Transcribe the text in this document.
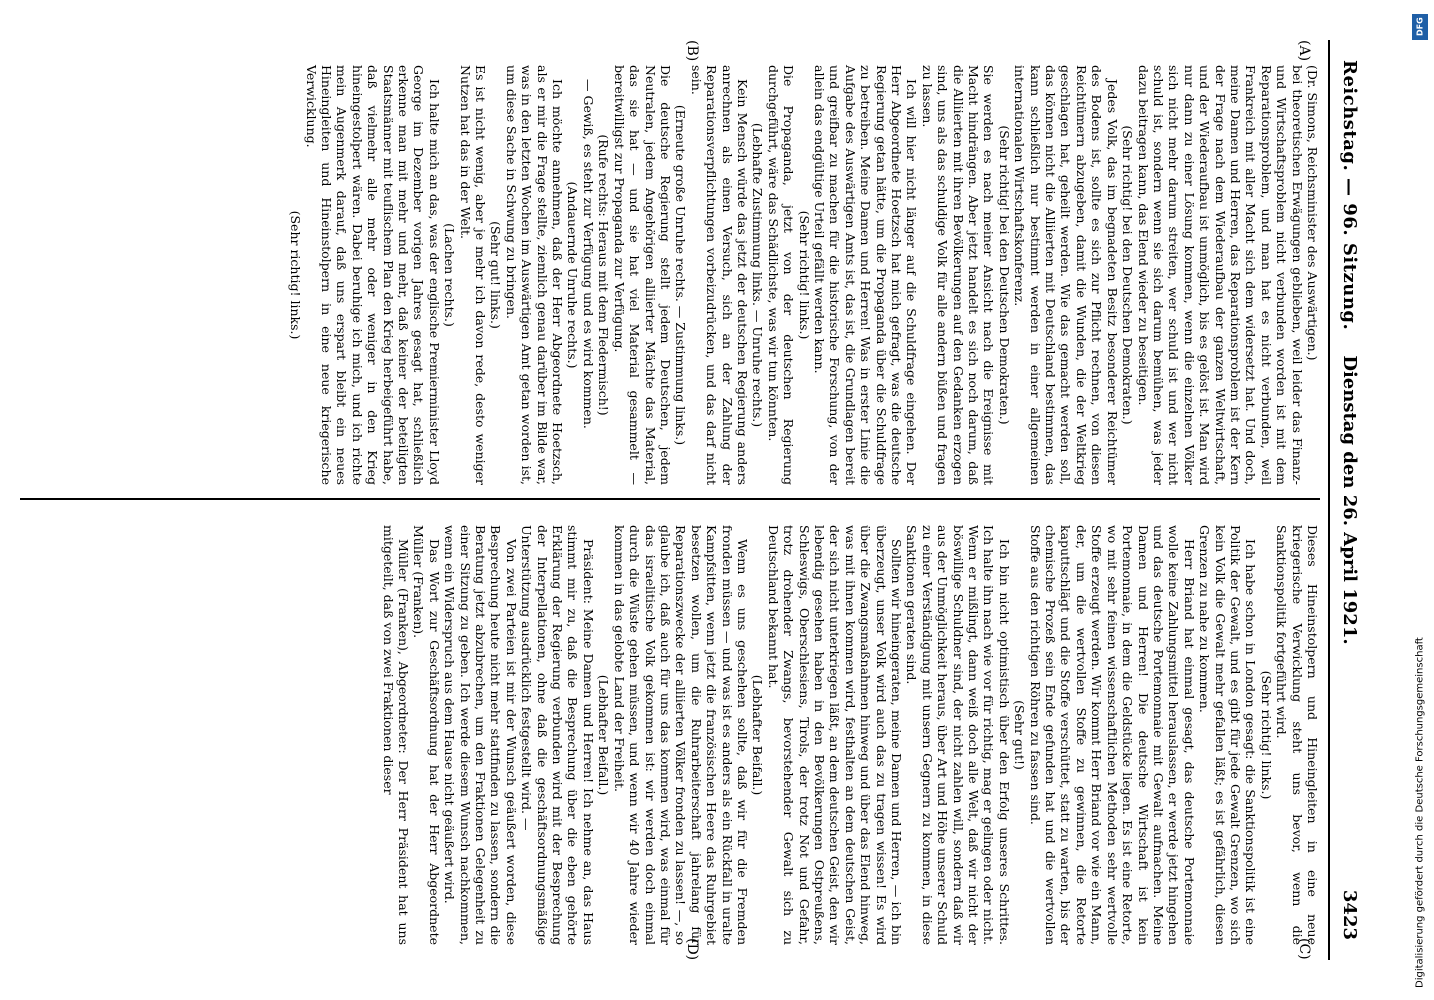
Reichstag. — 96. Sitzung.
Dienstag den 26. April 1921.
3423
(A)
(B)
(C)
(D)

(Dr. Simons, Reichsminister des Auswärtigen.)

bei theoretischen Erwägungen geblieben, weil leider das Finanz- und Wirtschaftsproblem nicht verbunden worden ist mit dem Reparationsproblem, und man hat es nicht verbunden, weil Frankreich mit aller Macht sich dem widersetzt hat. Und doch, meine Damen und Herren, das Reparationsproblem ist der Kern der Frage nach dem Wiederaufbau der ganzen Weltwirtschaft, und der Wiederaufbau ist unmöglich, bis es gelöst ist. Man wird nur dann zu einer Lösung kommen, wenn die einzelnen Völker sich nicht mehr darum streiten, wer schuld ist und wer nicht schuld ist, sondern wenn sie sich darum bemühen, was jeder dazu beitragen kann, das Elend wieder zu beseitigen.

(Sehr richtig! bei den Deutschen Demokraten.)

Jedes Volk, das im begnadeten Besitz besonderer Reichtümer des Bodens ist, sollte es sich zur Pflicht rechnen, von diesen Reichtümern abzugeben, damit die Wunden, die der Weltkrieg geschlagen hat, geheilt werden. Wie das gemacht werden soll, das können nicht die Alliierten mit Deutschland bestimmen, das kann schließlich nur bestimmt werden in einer allgemeinen internationalen Wirtschaftskonferenz.

(Sehr richtig! bei den Deutschen Demokraten.)

Sie werden es nach meiner Ansicht nach die Ereignisse mit Macht hindrängen. Aber jetzt handelt es sich noch darum, daß die Alliierten mit ihren Bevölkerungen auf den Gedanken erzogen sind, uns als das schuldige Volk für alle andern büßen und fragen zu lassen.

Ich will hier nicht länger auf die Schuldfrage eingehen. Der Herr Abgeordnete Hoetzsch hat mich gefragt, was die deutsche Regierung getan hätte, um die Propaganda über die Schuldfrage zu betreiben. Meine Damen und Herren! Was in erster Linie die Aufgabe des Auswärtigen Amts ist, das ist, die Grundlagen bereit und greifbar zu machen für die historische Forschung, von der allein das endgültige Urteil gefällt werden kann.

(Sehr richtig! links.)

Die Propaganda, jetzt von der deutschen Regierung durchgeführt, wäre das Schädlichste, was wir tun könnten.

(Lebhafte Zustimmung links. — Unruhe rechts.)

Kein Mensch würde das jetzt der deutschen Regierung anders anrechnen als einen Versuch, sich an der Zahlung der Reparationsverpflichtungen vorbeizudrücken, und das darf nicht sein.

(Erneute große Unruhe rechts. — Zustimmung links.)

Die deutsche Regierung stellt jedem Deutschen, jedem Neutralen, jedem Angehörigen alliierter Mächte das Material, das sie hat — und sie hat viel Material gesammelt — bereitwilligst zur Propaganda zur Verfügung.

(Rufe rechts: Heraus mit dem Fledermisch!)

— Gewiß, es steht zur Verfügung und es wird kommen.

(Andauernde Unruhe rechts.)

Ich möchte annehmen, daß der Herr Abgeordnete Hoetzsch, als er mir die Frage stellte, ziemlich genau darüber im Bilde war, was in den letzten Wochen im Auswärtigen Amt getan worden ist, um diese Sache in Schwung zu bringen.

(Sehr gut! links.)

Es ist nicht wenig, aber je mehr ich davon rede, desto weniger Nutzen hat das in der Welt.

(Lachen rechts.)

Ich halte mich an das, was der englische Premierminister Lloyd George im Dezember vorigen Jahres gesagt hat, schließlich erkenne man mit mehr und mehr, daß keiner der beteiligten Staatsmänner mit teuflischem Plan den Krieg herbeigeführt habe, daß vielmehr alle mehr oder weniger in den Krieg hineingestolpert wären. Dabei beruhige ich mich, und ich richte mein Augenmerk darauf, daß uns erspart bleibt ein neues Hineingleiten und Hineinstolpern in eine neue kriegerische Verwicklung.

(Sehr richtig! links.)

Dieses Hineinstolpern und Hineingleiten in eine neue kriegerische Verwicklung steht uns bevor, wenn die Sanktionspolitik fortgeführt wird.

(Sehr richtig! links.)

Ich habe schon in London gesagt: die Sanktionspolitik ist eine Politik der Gewalt, und es gibt für jede Gewalt Grenzen, wo sich kein Volk die Gewalt mehr gefallen läßt; es ist gefährlich, diesen Grenzen zu nahe zu kommen.

Herr Briand hat einmal gesagt, das deutsche Portemonnaie wolle keine Zahlungsmittel herauslassen, er werde jetzt hingehen und das deutsche Portemonnaie mit Gewalt aufmachen. Meine Damen und Herren! Die deutsche Wirtschaft ist kein Portemonnaie, in dem die Geldstücke liegen. Es ist eine Retorte, wo mit sehr feinen wissenschaftlichen Methoden sehr wertvolle Stoffe erzeugt werden. Wir kommt Herr Briand vor wie ein Mann, der, um die wertvollen Stoffe zu gewinnen, die Retorte kaputtschlägt und die Stoffe verschüttet, statt zu warten, bis der chemische Prozeß sein Ende gefunden hat und die wertvollen Stoffe aus den richtigen Röhren zu fassen sind.

(Sehr gut!)

Ich bin nicht optimistisch über den Erfolg unseres Schrittes. Ich halte ihn nach wie vor für richtig, mag er gelingen oder nicht. Wenn er mißlingt, dann weiß doch alle Welt, daß wir nicht der böswillige Schuldner sind, der nicht zahlen will, sondern daß wir aus der Unmöglichkeit heraus, über Art und Höhe unserer Schuld zu einer Verständigung mit unsern Gegnern zu kommen, in diese Sanktionen geraten sind.

Sollten wir hineingeraten, meine Damen und Herren, — ich bin überzeugt, unser Volk wird auch das zu tragen wissen! Es wird über die Zwangsmaßnahmen hinweg und über das Elend hinweg, was mit ihnen kommen wird, festhalten an dem deutschen Geist, der sich nicht unterkriegen läßt, an dem deutschen Geist, den wir lebendig gesehen haben in den Bevölkerungen Ostpreußens, Schleswigs, Oberschlesiens, Tirols, der trotz Not und Gefahr, trotz drohender Zwangs, bevorstehender Gewalt sich zu Deutschland bekannt hat.

(Lebhafter Beifall.)

Wenn es uns geschehen sollte, daß wir für die Fremden fronden müssen — und was ist es anders als ein Rückfall in uralte Kampfsitten, wenn jetzt die französischen Heere das Ruhrgebiet besetzen wollen, um die Ruhrarbeiterschaft jahrelang für Reparationszwecke der alliierten Völker fronden zu lassen! —, so glaube ich, daß auch für uns das kommen wird, was einmal für das israelitische Volk gekommen ist: wir werden doch einmal durch die Wüste gehen müssen, und wenn wir 40 Jahre wieder kommen in das gelobte Land der Freiheit.

(Lebhafter Beifall.)

Präsident: Meine Damen und Herren! Ich nehme an, das Haus stimmt mir zu, daß die Besprechung über die eben gehörte Erklärung der Regierung verbunden wird mit der Besprechung der Interpellationen, ohne daß die geschäftsordnungsmäßige Unterstützung ausdrücklich festgestellt wird. —

Von zwei Parteien ist mir der Wunsch geäußert worden, diese Besprechung heute nicht mehr stattfinden zu lassen, sondern die Beratung jetzt abzubrechen, um den Fraktionen Gelegenheit zu einer Sitzung zu geben. Ich werde diesem Wunsch nachkommen, wenn ein Widerspruch aus dem Hause nicht geäußert wird.

Das Wort zur Geschäftsordnung hat der Herr Abgeordnete Müller (Franken).

Müller (Franken), Abgeordneter: Der Herr Präsident hat uns mitgeteilt, daß von zwei Fraktionen dieser

DFG
Digitalisierung gefördert durch die Deutsche Forschungsgemeinschaft
